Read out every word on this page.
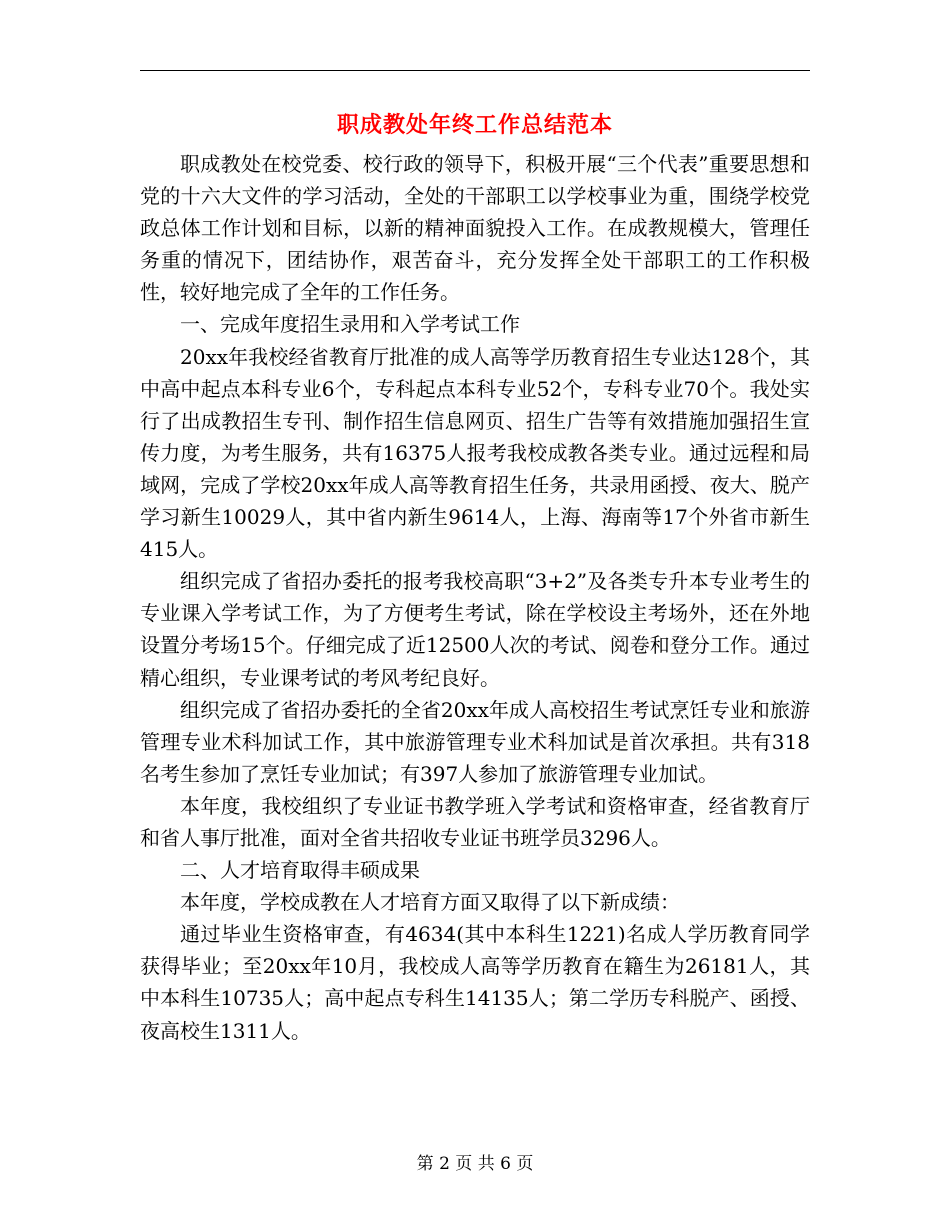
职成教处年终工作总结范本

职成教处在校党委、校行政的领导下，积极开展“三个代表”重要思想和党的十六大文件的学习活动，全处的干部职工以学校事业为重，围绕学校党政总体工作计划和目标，以新的精神面貌投入工作。在成教规模大，管理任务重的情况下，团结协作，艰苦奋斗，充分发挥全处干部职工的工作积极性，较好地完成了全年的工作任务。

一、完成年度招生录用和入学考试工作

20xx年我校经省教育厅批准的成人高等学历教育招生专业达128个，其中高中起点本科专业6个，专科起点本科专业52个，专科专业70个。我处实行了出成教招生专刊、制作招生信息网页、招生广告等有效措施加强招生宣传力度，为考生服务，共有16375人报考我校成教各类专业。通过远程和局域网，完成了学校20xx年成人高等教育招生任务，共录用函授、夜大、脱产学习新生10029人，其中省内新生9614人，上海、海南等17个外省市新生415人。

组织完成了省招办委托的报考我校高职“3+2”及各类专升本专业考生的专业课入学考试工作，为了方便考生考试，除在学校设主考场外，还在外地设置分考场15个。仔细完成了近12500人次的考试、阅卷和登分工作。通过精心组织，专业课考试的考风考纪良好。

组织完成了省招办委托的全省20xx年成人高校招生考试烹饪专业和旅游管理专业术科加试工作，其中旅游管理专业术科加试是首次承担。共有318名考生参加了烹饪专业加试；有397人参加了旅游管理专业加试。

本年度，我校组织了专业证书教学班入学考试和资格审查，经省教育厅和省人事厅批准，面对全省共招收专业证书班学员3296人。

二、人才培育取得丰硕成果

本年度，学校成教在人才培育方面又取得了以下新成绩：

通过毕业生资格审查，有4634(其中本科生1221)名成人学历教育同学获得毕业；至20xx年10月，我校成人高等学历教育在籍生为26181人，其中本科生10735人；高中起点专科生14135人；第二学历专科脱产、函授、夜高校生1311人。

第 2 页 共 6 页
